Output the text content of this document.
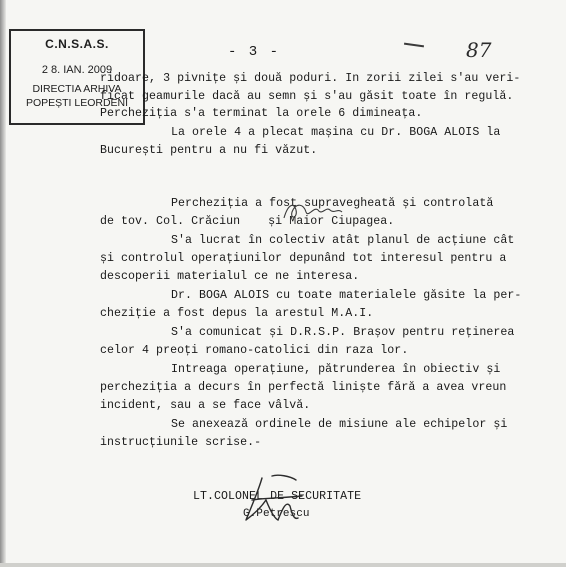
C.N.S.A.S.
2 8. IAN. 2009
DIRECTIA ARHIVA
POPEȘTI LEORDENI
- 3 -	87
ridoare, 3 pivnițe și două poduri. In zorii zilei s'au veri-
ficat geamurile dacă au semn și s'au găsit toate în regulă.
Percheziția s'a terminat la orele 6 dimineața.
La orele 4 a plecat mașina cu Dr. BOGA ALOIS la
București pentru a nu fi văzut.
Percheziția a fost supravegheată și controlată
de tov. Col. Crăciun    și Maior Ciupagea.
S'a lucrat în colectiv atât planul de acțiune cât
și controlul operațiunilor depunând tot interesul pentru a
descoperii materialul ce ne interesa.
Dr. BOGA ALOIS cu toate materialele găsite la per-
cheziție a fost depus la arestul M.A.I.
S'a comunicat și D.R.S.P. Brașov pentru reținerea
celor 4 preoți romano-catolici din raza lor.
Intreaga operațiune, pătrunderea în obiectiv și
percheziția a decurs în perfectă liniște fără a avea vreun
incident, sau a se face vâlvă.
Se anexează ordinele de misiune ale echipelor și
instrucțiunile scrise.-
LT.COLONEL DE SECURITATE
G.Petrescu
